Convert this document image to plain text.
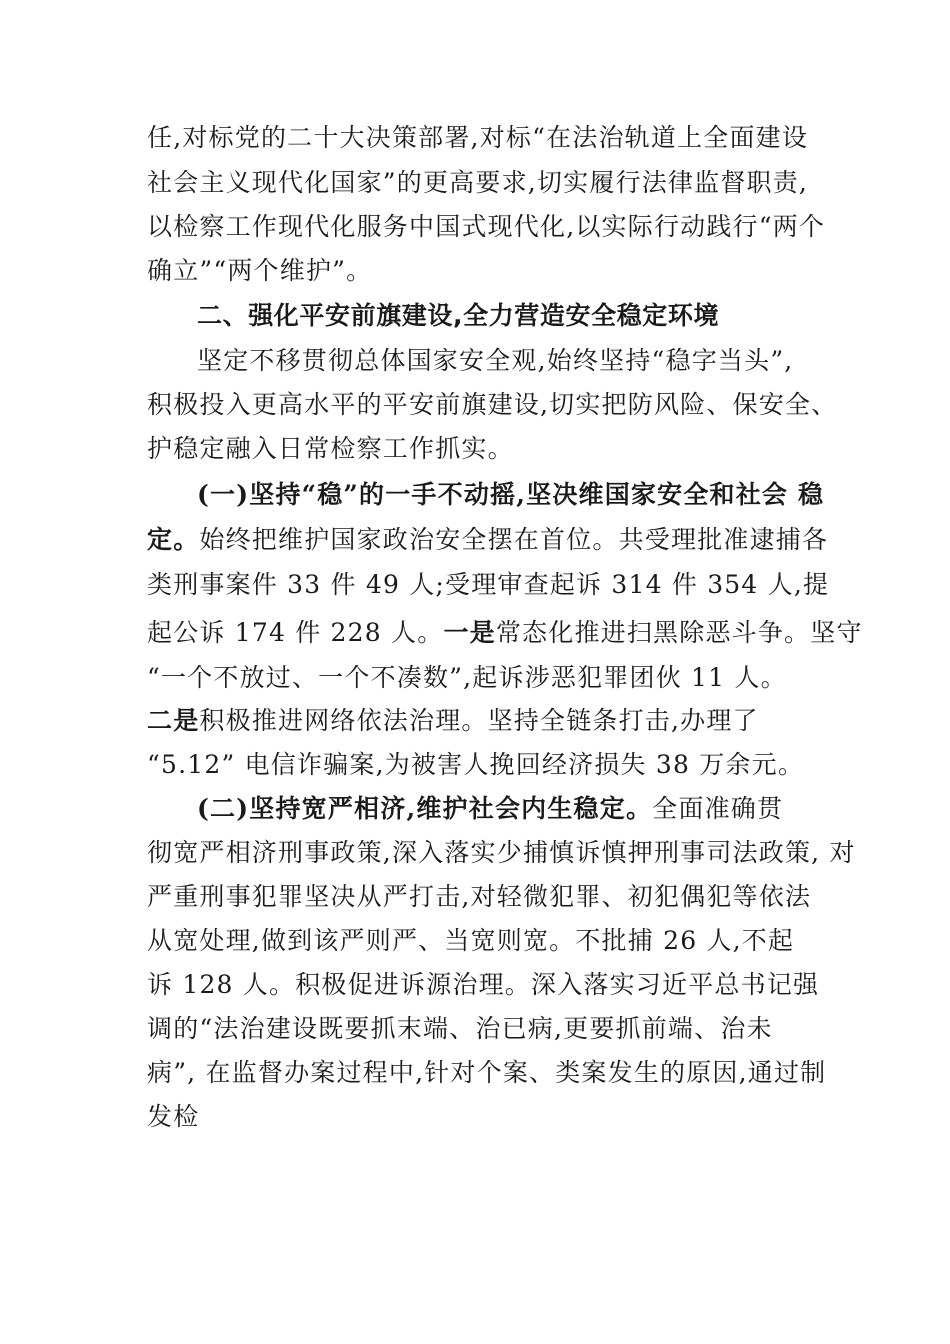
任,对标党的二十大决策部署,对标“在法治轨道上全面建设
社会主义现代化国家”的更高要求,切实履行法律监督职责,
以检察工作现代化服务中国式现代化,以实际行动践行“两个
确立”“两个维护”。
二、强化平安前旗建设,全力营造安全稳定环境
坚定不移贯彻总体国家安全观,始终坚持“稳字当头”,
积极投入更高水平的平安前旗建设,切实把防风险、保安全、
护稳定融入日常检察工作抓实。
(一)坚持“稳”的一手不动摇,坚决维国家安全和社会 稳
定。始终把维护国家政治安全摆在首位。共受理批准逮捕各
类刑事案件 33 件 49 人;受理审查起诉 314 件 354 人,提
起公诉 174 件 228 人。一是常态化推进扫黑除恶斗争。坚守
“一个不放过、一个不凑数”,起诉涉恶犯罪团伙 11 人。
二是积极推进网络依法治理。坚持全链条打击,办理了
“5.12” 电信诈骗案,为被害人挽回经济损失 38 万余元。
(二)坚持宽严相济,维护社会内生稳定。全面准确贯
彻宽严相济刑事政策,深入落实少捕慎诉慎押刑事司法政策, 对
严重刑事犯罪坚决从严打击,对轻微犯罪、初犯偶犯等依法
从宽处理,做到该严则严、当宽则宽。不批捕 26 人,不起
诉 128 人。积极促进诉源治理。深入落实习近平总书记强
调的“法治建设既要抓末端、治已病,更要抓前端、治未
病”, 在监督办案过程中,针对个案、类案发生的原因,通过制
发检
